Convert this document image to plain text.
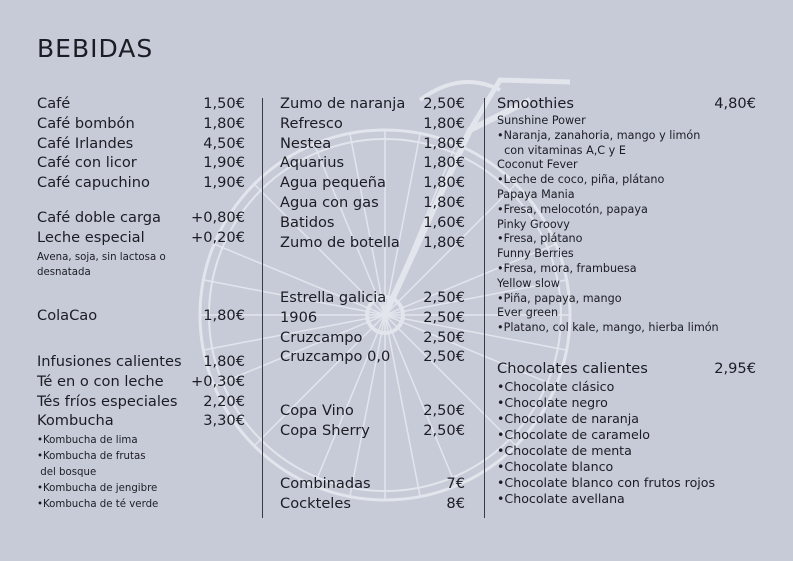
BEBIDAS
Café	1,50€
Café bombón	1,80€
Café Irlandes	4,50€
Café con licor	1,90€
Café capuchino	1,90€
Café doble carga +0,80€
Leche especial	+0,20€
Avena, soja, sin lactosa o
desnatada
ColaCao	1,80€
Infusiones calientes 1,80€
Té en o con leche +0,30€
Tés fríos especiales 2,20€
Kombucha	3,30€
•Kombucha de lima
•Kombucha de frutas
del bosque
•Kombucha de jengibre
•Kombucha de té verde
Zumo de naranja 2,50€
Refresco	1,80€
Nestea	1,80€
Aquarius	1,80€
Agua pequeña	1,80€
Agua con gas	1,80€
Batidos	1,60€
Zumo de botella 1,80€
Estrella galicia	2,50€
1906	2,50€
Cruzcampo	2,50€
Cruzcampo 0,0 2,50€
Copa Vino	2,50€
Copa Sherry	2,50€
Combinadas	7€
Cockteles	8€
Smoothies	4,80€
Sunshine Power
•Naranja, zanahoria, mango y limón
con vitaminas A,C y E
Coconut Fever
•Leche de coco, piña, plátano
Papaya Mania
•Fresa, melocotón, papaya
Pinky Groovy
•Fresa, plátano
Funny Berries
•Fresa, mora, frambuesa
Yellow slow
•Piña, papaya, mango
Ever green
•Platano, col kale, mango, hierba limón
Chocolates calientes	2,95€
•Chocolate clásico
•Chocolate negro
•Chocolate de naranja
•Chocolate de caramelo
•Chocolate de menta
•Chocolate blanco
•Chocolate blanco con frutos rojos
•Chocolate avellana
